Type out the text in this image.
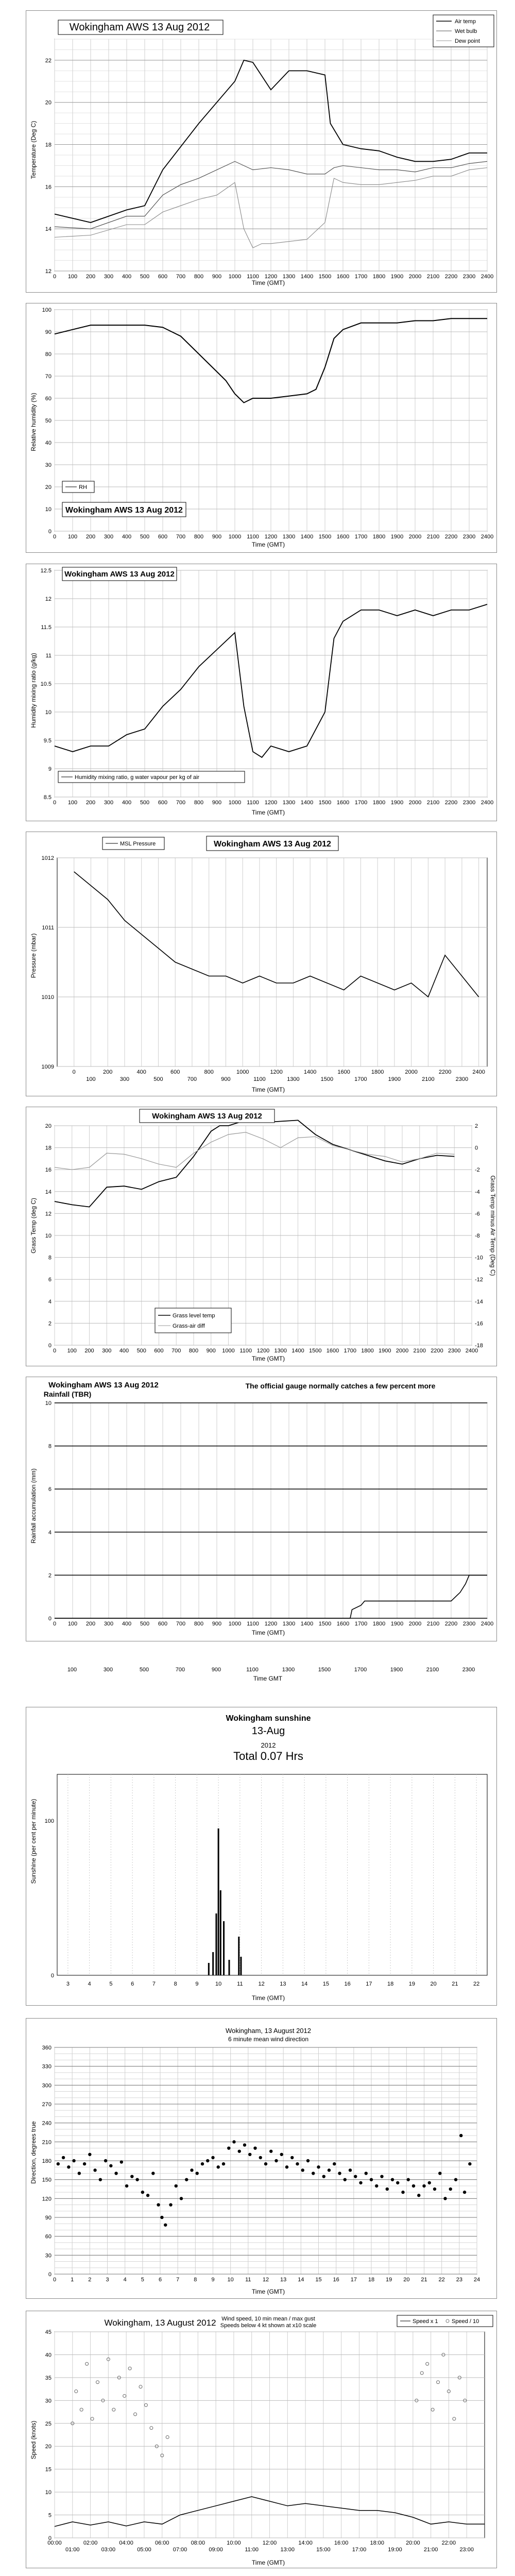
0 100 200 300 400 500 600 700 800 900 1000 1100 1200 1300 1400 1500 1600 1700 1800 1900 2000 2100 2200 2300 2400
12
14
16
18
20
22
Wokingham AWS 13 Aug 2012
Time (GMT)
Temperature (Deg C)
Air temp
Wet bulb
Dew point
0 100 200 300 400 500 600 700 800 900 1000 1100 1200 1300 1400 1500 1600 1700 1800 1900 2000 2100 2200 2300 2400
0
10
20
30
40
50
60
70
80
90
100
Time (GMT)
Relative humidity (%)
RH
Wokingham AWS 13 Aug 2012
0 100 200 300 400 500 600 700 800 900 1000 1100 1200 1300 1400 1500 1600 1700 1800 1900 2000 2100 2200 2300 2400
8.5
9
9.5
10
10.5
11
11.5
12
12.5 Wokingham AWS 13 Aug 2012
Time (GMT)
Humidity mixing ratio (g/kg)
Humidity mixing ratio, g water vapour per kg of air
0	200	400	600	800	1000	1200	1400	1600	1800	2000	2200	2400
100	300	500	700	900	1100	1300	1500	1700	1900	2100	2300
1009
1010
1011
1012
MSL Pressure	Wokingham AWS 13 Aug 2012
Time (GMT)
Pressure (mbar)
0 100 200 300 400 500 600 700 800 900 1000 1100 1200 1300 1400 1500 1600 1700 1800 1900 2000 2100 2200 2300 2400
0
2
4
6
8
10
12
14
16
18
20	2
0
-2
-4
-6
-8
-10
-12
-14
-16
-18
Wokingham AWS 13 Aug 2012
Time (GMT)
Grass Temp (deg C)	Grass Temp minus Air Temp (Deg C)
Grass level temp
Grass-air diff
0 100 200 300 400 500 600 700 800 900 1000 1100 1200 1300 1400 1500 1600 1700 1800 1900 2000 2100 2200 2300 2400
0
2
4
6
8
10
Wokingham AWS 13 Aug 2012
Rainfall (TBR)
The official gauge normally catches a few percent more
Time (GMT)
Rainfall accumulation (mm)
100	300	500	700	900	1100	1300	1500	1700	1900	2100	2300
Time GMT
3	4	5	6	7	8	9	10	11	12	13	14	15	16	17	18	19	20	21	22
0
100
Wokingham sunshine
13-Aug
2012
Total 0.07 Hrs
Time (GMT)
Sunshine (per cent per minute)
0	1	2	3	4	5	6	7	8	9 10 11 12 13 14 15 16 17 18 19 20 21 22 23 24
0
30
60
90
120
150
180
210
240
270
300
330
360
Wokingham, 13 August 2012
6 minute mean wind direction
Time (GMT)
Direction, degrees true
00:00	02:00	04:00	06:00	08:00	10:00	12:00	14:00	16:00	18:00	20:00	22:00
01:00	03:00	05:00	07:00	09:00	11:00	13:00	15:00	17:00	19:00	21:00	23:00
0
5
10
15
20
25
30
35
40
45
Wokingham, 13 August 2012 Wind speed, 10 min mean / max gust Speeds below 4 kt shown at x10 scale
Time (GMT)
Speed (knots)
Speed x 1 Speed / 10
